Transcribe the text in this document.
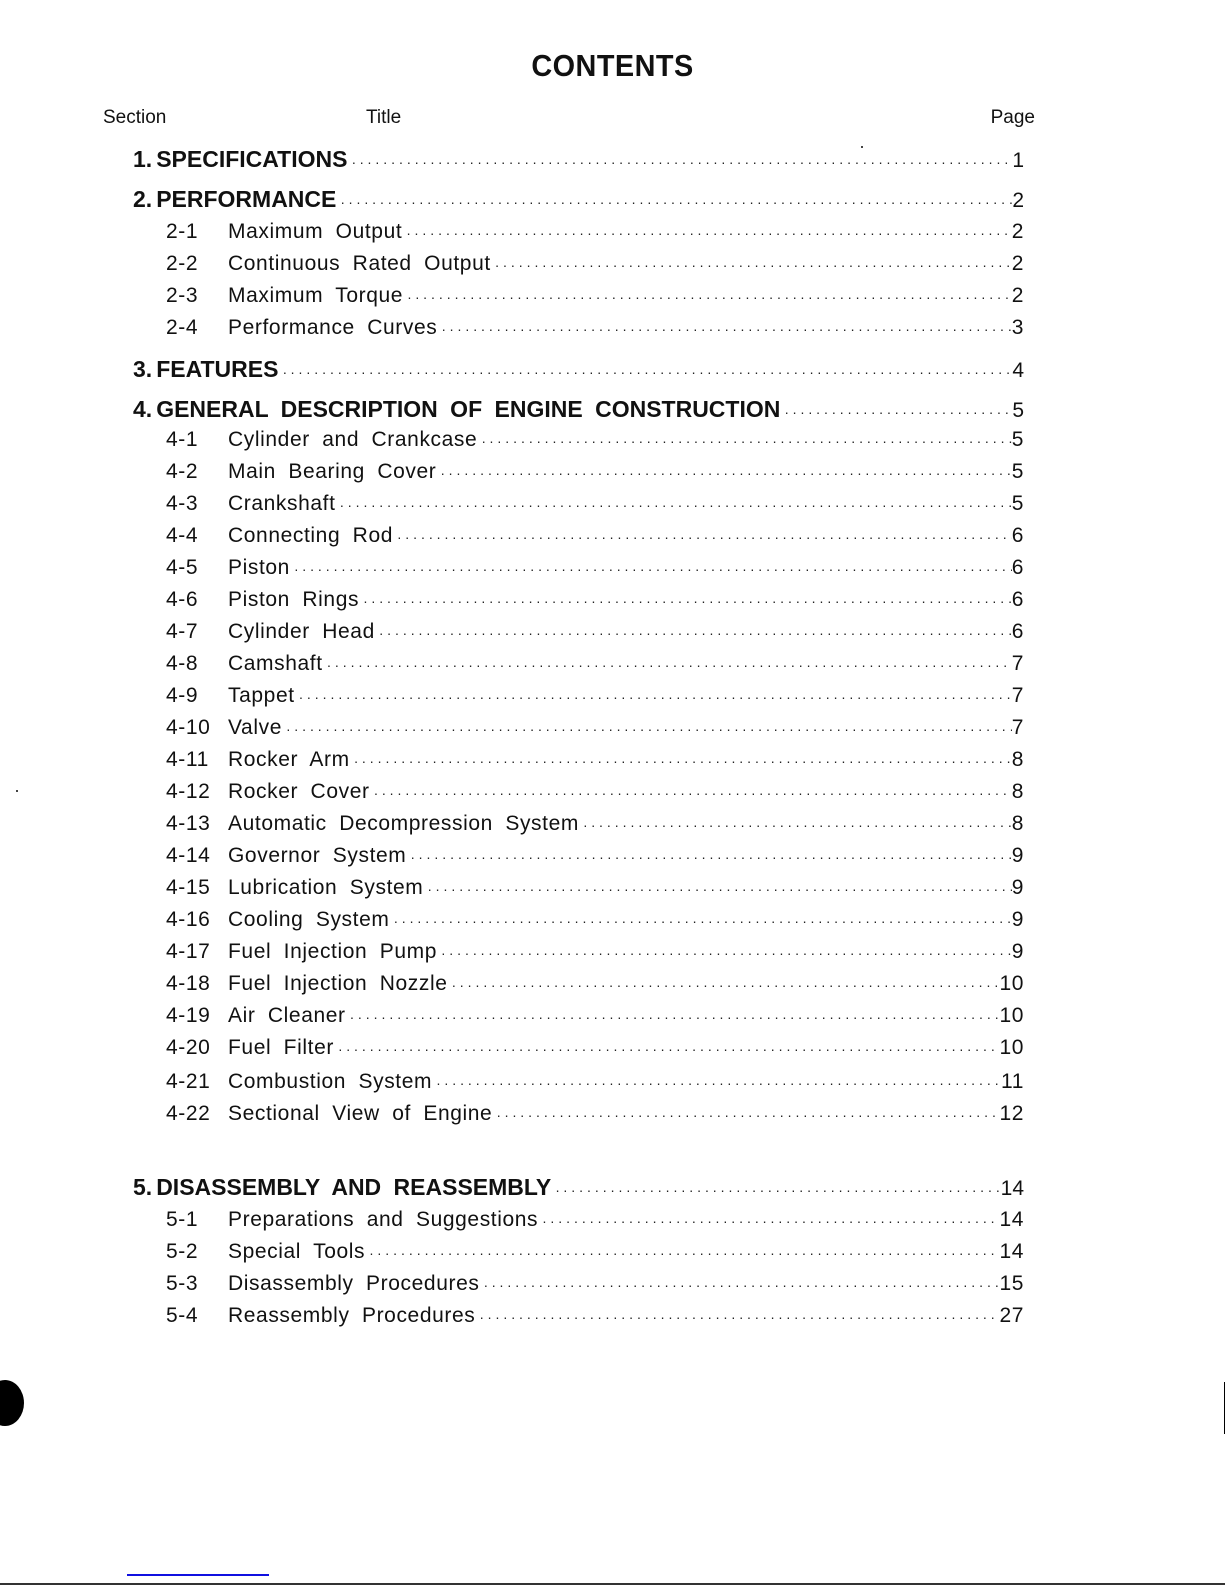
CONTENTS
Section	Title	Page
1. SPECIFICATIONS ·····	1
2. PERFORMANCE ·····	2
2-1	Maximum Output ·····	2
2-2	Continuous Rated Output ·····	2
2-3	Maximum Torque ·····	2
2-4	Performance Curves ·····	3
3. FEATURES ·····	4
4. GENERAL DESCRIPTION OF ENGINE CONSTRUCTION ·····	5
4-1	Cylinder and Crankcase ·····	5
4-2	Main Bearing Cover ·····	5
4-3	Crankshaft ·····	5
4-4	Connecting Rod ·····	6
4-5	Piston ·····	6
4-6	Piston Rings ·····	6
4-7	Cylinder Head ·····	6
4-8	Camshaft ·····	7
4-9	Tappet ·····	7
4-10 Valve ·····	7
4-11 Rocker Arm ·····	8
4-12 Rocker Cover ·····	8
4-13 Automatic Decompression System ·····	8
4-14 Governor System ·····	9
4-15 Lubrication System ·····	9
4-16 Cooling System ·····	9
4-17 Fuel Injection Pump ·····	9
4-18 Fuel Injection Nozzle ·····	10
4-19 Air Cleaner ·····	10
4-20 Fuel Filter ·····	10
4-21 Combustion System ·····	11
4-22 Sectional View of Engine ·····	12
5. DISASSEMBLY AND REASSEMBLY ·····	14
5-1	Preparations and Suggestions ·····	14
5-2	Special Tools ·····	14
5-3	Disassembly Procedures ·····	15
5-4	Reassembly Procedures ·····	27
